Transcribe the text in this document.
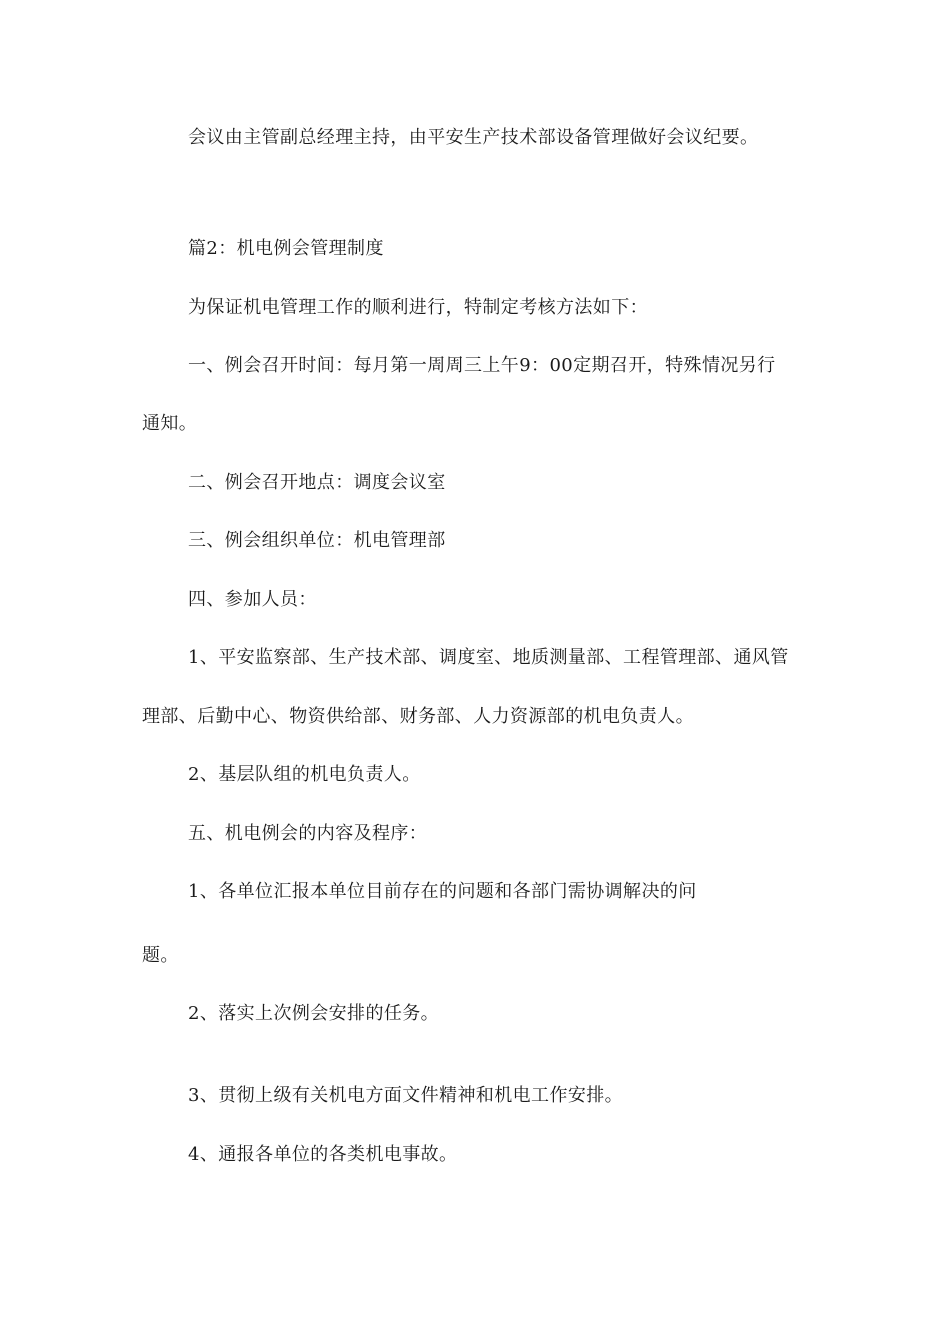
会议由主管副总经理主持，由平安生产技术部设备管理做好会议纪要。
篇2：机电例会管理制度
为保证机电管理工作的顺利进行，特制定考核方法如下：
一、例会召开时间：每月第一周周三上午9：00定期召开，特殊情况另行
通知。
二、例会召开地点：调度会议室
三、例会组织单位：机电管理部
四、参加人员：
1、平安监察部、生产技术部、调度室、地质测量部、工程管理部、通风管
理部、后勤中心、物资供给部、财务部、人力资源部的机电负责人。
2、基层队组的机电负责人。
五、机电例会的内容及程序：
1、各单位汇报本单位目前存在的问题和各部门需协调解决的问
题。
2、落实上次例会安排的任务。
3、贯彻上级有关机电方面文件精神和机电工作安排。
4、通报各单位的各类机电事故。
